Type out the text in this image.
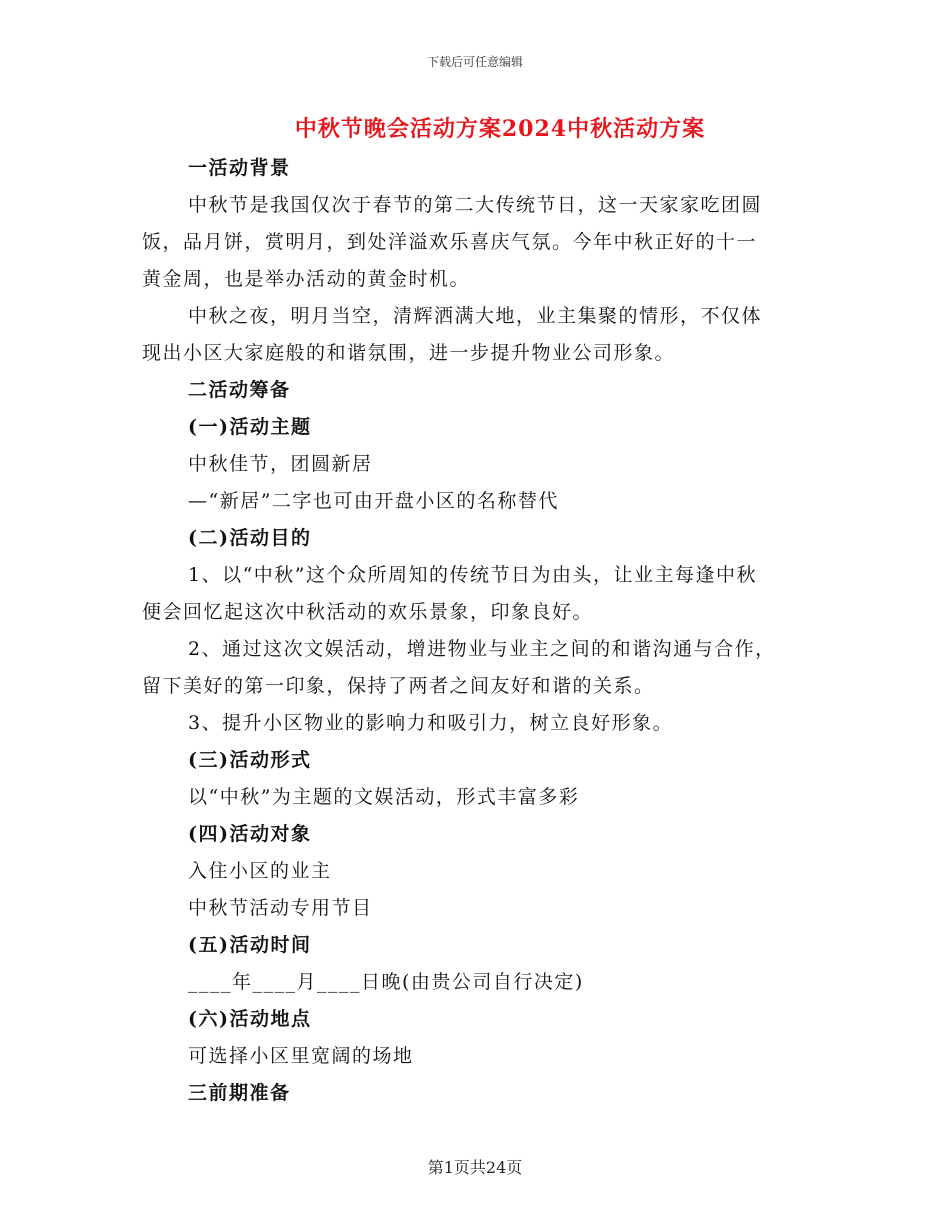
下载后可任意编辑
中秋节晚会活动方案2024中秋活动方案
一活动背景
中秋节是我国仅次于春节的第二大传统节日，这一天家家吃团圆
饭，品月饼，赏明月，到处洋溢欢乐喜庆气氛。今年中秋正好的十一
黄金周，也是举办活动的黄金时机。
中秋之夜，明月当空，清辉洒满大地，业主集聚的情形，不仅体
现出小区大家庭般的和谐氛围，进一步提升物业公司形象。
二活动筹备
(一)活动主题
中秋佳节，团圆新居
—“新居”二字也可由开盘小区的名称替代
(二)活动目的
1、以“中秋”这个众所周知的传统节日为由头，让业主每逢中秋
便会回忆起这次中秋活动的欢乐景象，印象良好。
2、通过这次文娱活动，增进物业与业主之间的和谐沟通与合作，
留下美好的第一印象，保持了两者之间友好和谐的关系。
3、提升小区物业的影响力和吸引力，树立良好形象。
(三)活动形式
以“中秋”为主题的文娱活动，形式丰富多彩
(四)活动对象
入住小区的业主
中秋节活动专用节目
(五)活动时间
____年____月____日晚(由贵公司自行决定)
(六)活动地点
可选择小区里宽阔的场地
三前期准备
第1页共24页
